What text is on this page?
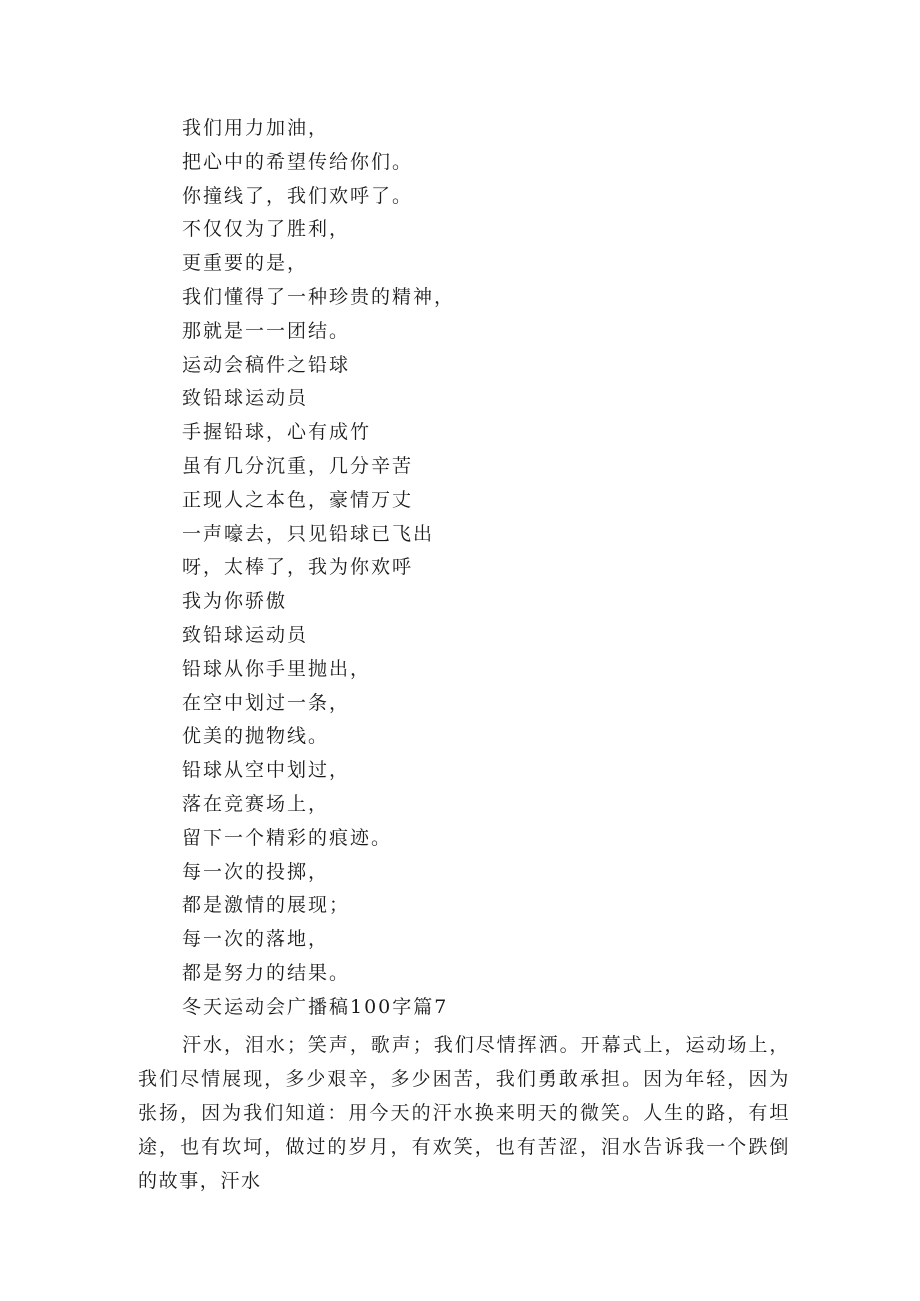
我们用力加油，
把心中的希望传给你们。
你撞线了，我们欢呼了。
不仅仅为了胜利，
更重要的是，
我们懂得了一种珍贵的精神，
那就是一一团结。
运动会稿件之铅球
致铅球运动员
手握铅球，心有成竹
虽有几分沉重，几分辛苦
正现人之本色，豪情万丈
一声嚎去，只见铅球已飞出
呀，太棒了，我为你欢呼
我为你骄傲
致铅球运动员
铅球从你手里抛出，
在空中划过一条，
优美的抛物线。
铅球从空中划过，
落在竞赛场上，
留下一个精彩的痕迹。
每一次的投掷，
都是激情的展现；
每一次的落地，
都是努力的结果。
冬天运动会广播稿100字篇7
汗水，泪水；笑声，歌声；我们尽情挥洒。开幕式上，运动场上，我们尽情展现，多少艰辛，多少困苦，我们勇敢承担。因为年轻，因为张扬，因为我们知道：用今天的汗水换来明天的微笑。人生的路，有坦途，也有坎坷，做过的岁月，有欢笑，也有苦涩，泪水告诉我一个跌倒的故事，汗水
